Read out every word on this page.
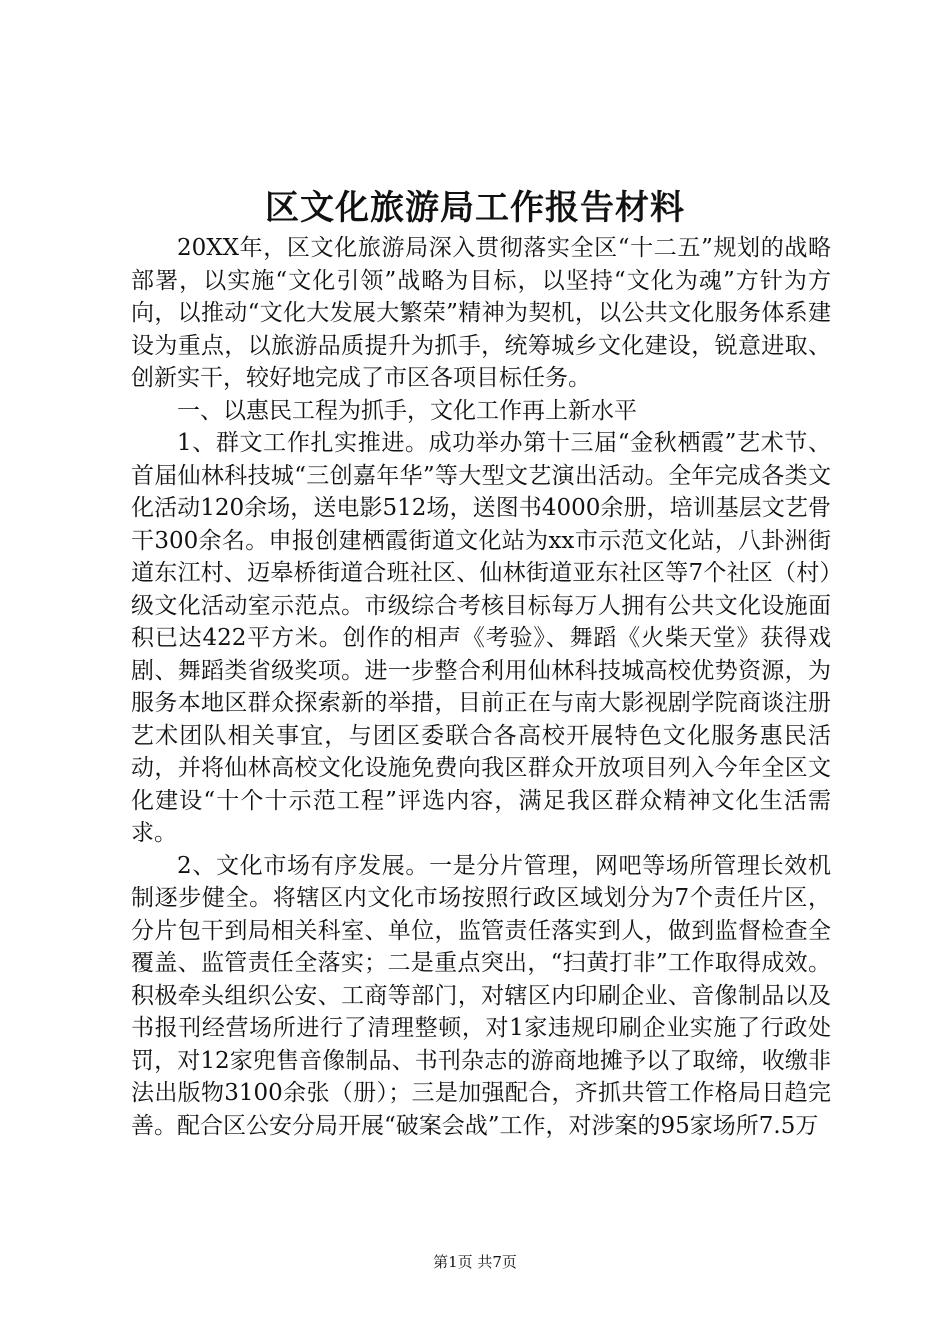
区文化旅游局工作报告材料

20XX年，区文化旅游局深入贯彻落实全区“十二五”规划的战略部署，以实施“文化引领”战略为目标，以坚持“文化为魂”方针为方向，以推动“文化大发展大繁荣”精神为契机，以公共文化服务体系建设为重点，以旅游品质提升为抓手，统筹城乡文化建设，锐意进取、创新实干，较好地完成了市区各项目标任务。

一、以惠民工程为抓手，文化工作再上新水平

1、群文工作扎实推进。成功举办第十三届“金秋栖霞”艺术节、首届仙林科技城“三创嘉年华”等大型文艺演出活动。全年完成各类文化活动120余场，送电影512场，送图书4000余册，培训基层文艺骨干300余名。申报创建栖霞街道文化站为xx市示范文化站，八卦洲街道东江村、迈皋桥街道合班社区、仙林街道亚东社区等7个社区（村）级文化活动室示范点。市级综合考核目标每万人拥有公共文化设施面积已达422平方米。创作的相声《考验》、舞蹈《火柴天堂》获得戏剧、舞蹈类省级奖项。进一步整合利用仙林科技城高校优势资源，为服务本地区群众探索新的举措，目前正在与南大影视剧学院商谈注册艺术团队相关事宜，与团区委联合各高校开展特色文化服务惠民活动，并将仙林高校文化设施免费向我区群众开放项目列入今年全区文化建设“十个十示范工程”评选内容，满足我区群众精神文化生活需求。

2、文化市场有序发展。一是分片管理，网吧等场所管理长效机制逐步健全。将辖区内文化市场按照行政区域划分为7个责任片区，分片包干到局相关科室、单位，监管责任落实到人，做到监督检查全覆盖、监管责任全落实；二是重点突出，“扫黄打非”工作取得成效。积极牵头组织公安、工商等部门，对辖区内印刷企业、音像制品以及书报刊经营场所进行了清理整顿，对1家违规印刷企业实施了行政处罚，对12家兜售音像制品、书刊杂志的游商地摊予以了取缔，收缴非法出版物3100余张（册）；三是加强配合，齐抓共管工作格局日趋完善。配合区公安分局开展“破案会战”工作，对涉案的95家场所7.5万

第1页 共7页
